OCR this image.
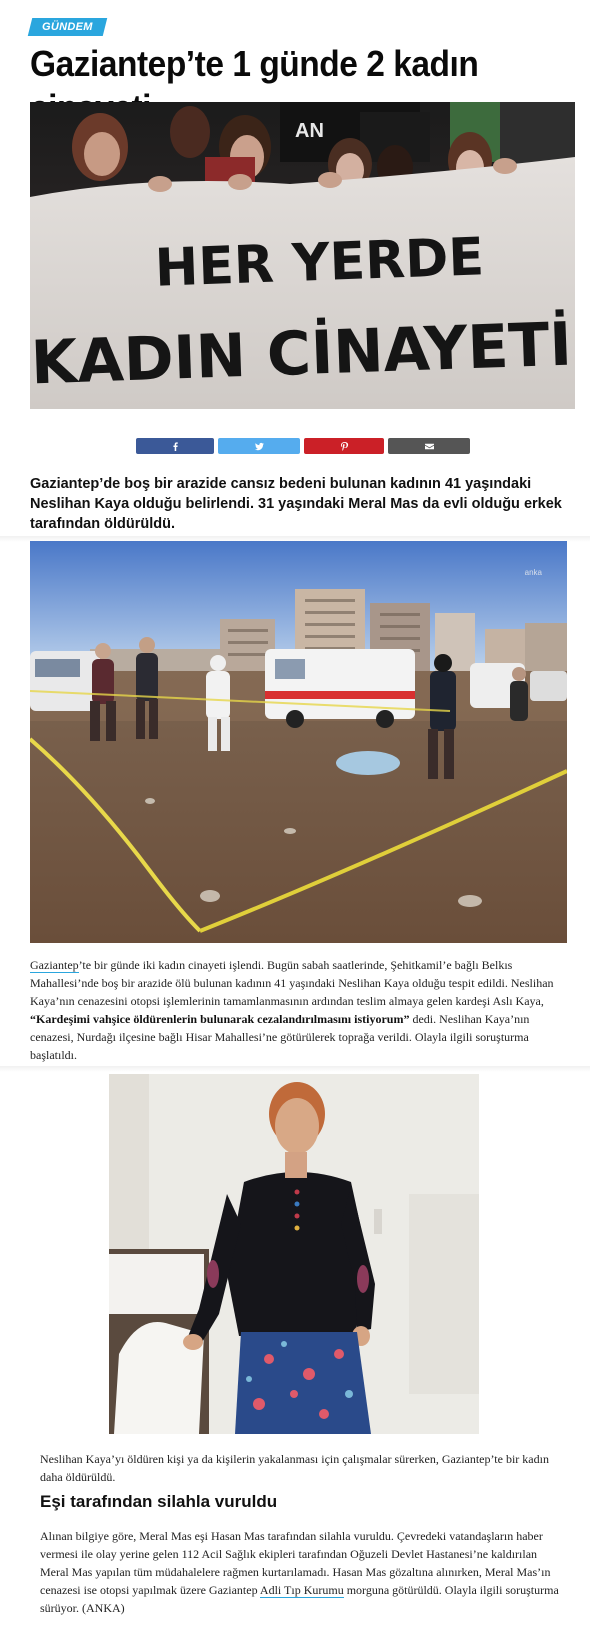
GÜNDEM
Gaziantep’te 1 günde 2 kadın
AN
HER YERDE
KADIN CİNAYETİ

Gaziantep’de boş bir arazide cansız bedeni bulunan kadının 41 yaşındaki Neslihan Kaya olduğu belirlendi. 31 yaşındaki Meral Mas da evli olduğu erkek tarafından öldürüldü.

anka

Gaziantep’te bir günde iki kadın cinayeti işlendi. Bugün sabah saatlerinde, Şehitkamil’e bağlı Belkıs Mahallesi’nde boş bir arazide ölü bulunan kadının 41 yaşındaki Neslihan Kaya olduğu tespit edildi. Neslihan Kaya’nın cenazesini otopsi işlemlerinin tamamlanmasının ardından teslim almaya gelen kardeşi Aslı Kaya, “Kardeşimi vahşice öldürenlerin bulunarak cezalandırılmasını istiyorum” dedi. Neslihan Kaya’nın cenazesi, Nurdağı ilçesine bağlı Hisar Mahallesi’ne götürülerek toprağa verildi. Olayla ilgili soruşturma başlatıldı.

Neslihan Kaya’yı öldüren kişi ya da kişilerin yakalanması için çalışmalar sürerken, Gaziantep’te bir kadın daha öldürüldü.

Eşi tarafından silahla vuruldu

Alınan bilgiye göre, Meral Mas eşi Hasan Mas tarafından silahla vuruldu. Çevredeki vatandaşların haber vermesi ile olay yerine gelen 112 Acil Sağlık ekipleri tarafından Oğuzeli Devlet Hastanesi’ne kaldırılan Meral Mas yapılan tüm müdahalelere rağmen kurtarılamadı. Hasan Mas gözaltına alınırken, Meral Mas’ın cenazesi ise otopsi yapılmak üzere Gaziantep Adli Tıp Kurumu morguna götürüldü. Olayla ilgili soruşturma sürüyor. (ANKA)
